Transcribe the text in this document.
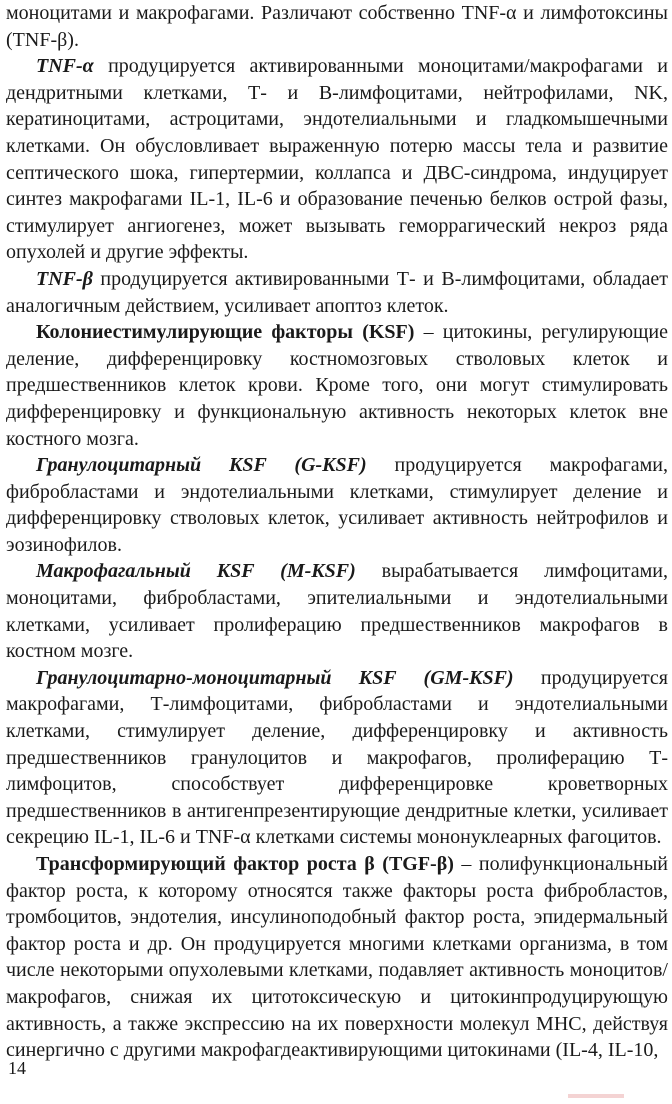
моноцитами и макрофагами. Различают собственно TNF-α и лимфотоксины (TNF-β).

TNF-α продуцируется активированными моноцитами/макрофагами и дендритными клетками, Т- и В-лимфоцитами, нейтрофилами, NK, кератиноцитами, астроцитами, эндотелиальными и гладкомышечными клетками. Он обусловливает выраженную потерю массы тела и развитие септического шока, гипертермии, коллапса и ДВС-синдрома, индуцирует синтез макрофагами IL-1, IL-6 и образование печенью белков острой фазы, стимулирует ангиогенез, может вызывать геморрагический некроз ряда опухолей и другие эффекты.

TNF-β продуцируется активированными Т- и В-лимфоцитами, обладает аналогичным действием, усиливает апоптоз клеток.

Колониестимулирующие факторы (KSF) – цитокины, регулирующие деление, дифференцировку костномозговых стволовых клеток и предшественников клеток крови. Кроме того, они могут стимулировать дифференцировку и функциональную активность некоторых клеток вне костного мозга.

Гранулоцитарный KSF (G-KSF) продуцируется макрофагами, фибробластами и эндотелиальными клетками, стимулирует деление и дифференцировку стволовых клеток, усиливает активность нейтрофилов и эозинофилов.

Макрофагальный KSF (M-KSF) вырабатывается лимфоцитами, моноцитами, фибробластами, эпителиальными и эндотелиальными клетками, усиливает пролиферацию предшественников макрофагов в костном мозге.

Гранулоцитарно-моноцитарный KSF (GM-KSF) продуцируется макрофагами, Т-лимфоцитами, фибробластами и эндотелиальными клетками, стимулирует деление, дифференцировку и активность предшественников гранулоцитов и макрофагов, пролиферацию Т-лимфоцитов, способствует дифференцировке кроветворных предшественников в антигенпрезентирующие дендритные клетки, усиливает секрецию IL-1, IL-6 и TNF-α клетками системы мононуклеарных фагоцитов.

Трансформирующий фактор роста β (TGF-β) – полифункциональный фактор роста, к которому относятся также факторы роста фибробластов, тромбоцитов, эндотелия, инсулиноподобный фактор роста, эпидермальный фактор роста и др. Он продуцируется многими клетками организма, в том числе некоторыми опухолевыми клетками, подавляет активность моноцитов/макрофагов, снижая их цитотоксическую и цитокинпродуцирующую активность, а также экспрессию на их поверхности молекул МНС, действуя синергично с другими макрофагдеактивирующими цитокинами (IL-4, IL-10,

14
